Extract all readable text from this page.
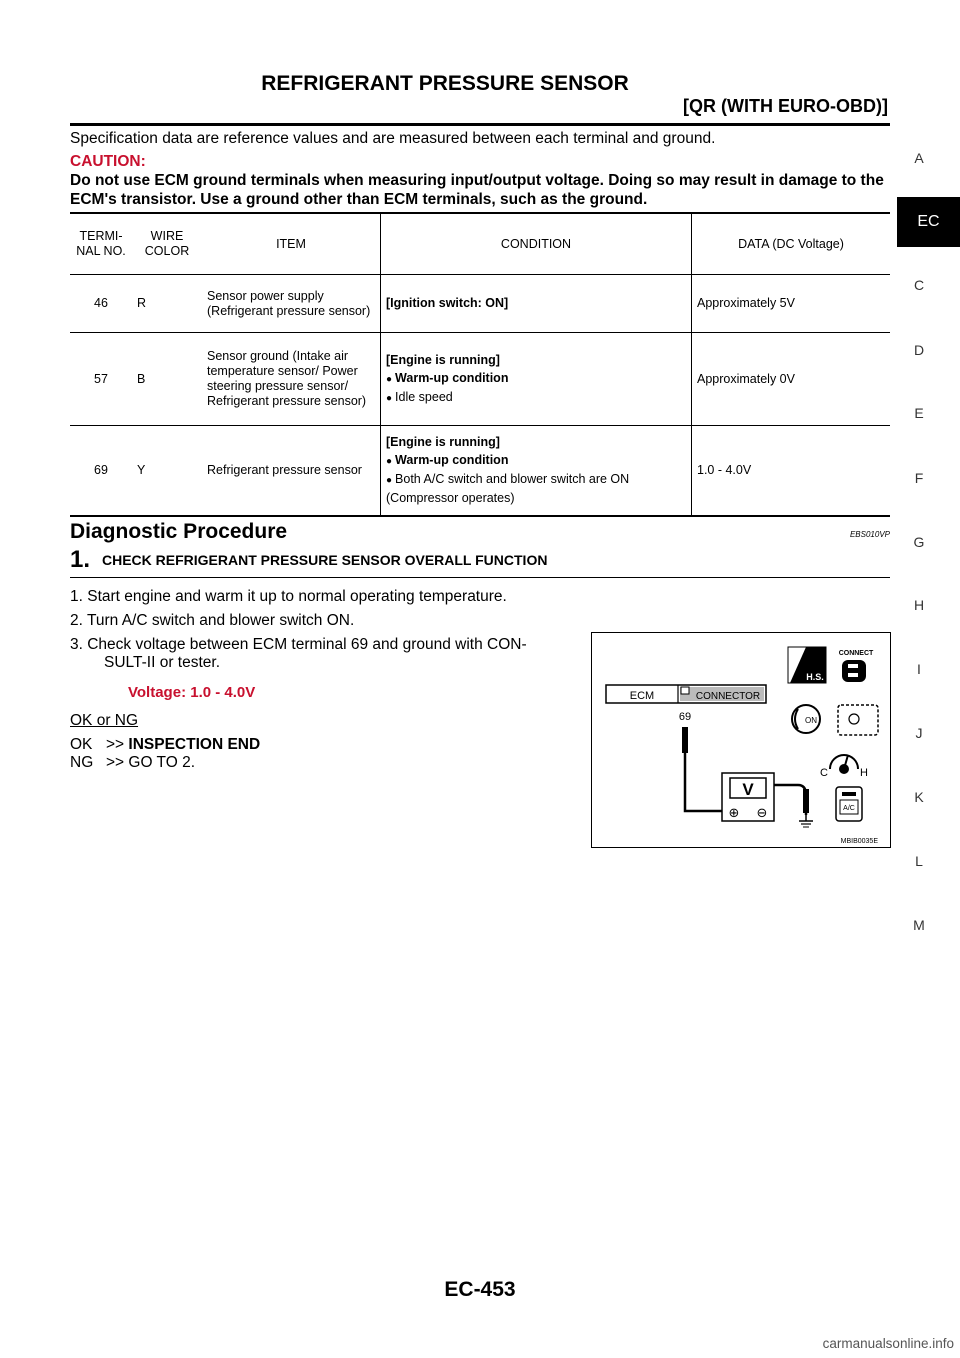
REFRIGERANT PRESSURE SENSOR
[QR (WITH EURO-OBD)]
Specification data are reference values and are measured between each terminal and ground.
CAUTION:
Do not use ECM ground terminals when measuring input/output voltage. Doing so may result in damage to the ECM's transistor. Use a ground other than ECM terminals, such as the ground.
TERMI-NAL NO.	WIRE COLOR	ITEM	CONDITION	DATA (DC Voltage)
46	R	Sensor power supply (Refrigerant pressure sensor)	[Ignition switch: ON]	Approximately 5V
57	B	Sensor ground (Intake air temperature sensor/ Power steering pressure sensor/ Refrigerant pressure sensor)	[Engine is running]
● Warm-up condition
● Idle speed	Approximately 0V
69	Y	Refrigerant pressure sensor	[Engine is running]
● Warm-up condition
● Both A/C switch and blower switch are ON
(Compressor operates)	1.0 - 4.0V
Diagnostic Procedure	EBS010VP
1. CHECK REFRIGERANT PRESSURE SENSOR OVERALL FUNCTION
1. Start engine and warm it up to normal operating temperature.
2. Turn A/C switch and blower switch ON.
3. Check voltage between ECM terminal 69 and ground with CON-
SULT-II or tester.
Voltage: 1.0 - 4.0V
OK or NG
OK >> INSPECTION END
NG >> GO TO 2.
ECM	CONNECTOR
69
V
⊕ ⊖
H.S.
CONNECT
ON
C	H
A/C
MBIB0035E
A
EC
C
D
E
F
G
H
I
J
K
L
M
EC-453
carmanualsonline.info
